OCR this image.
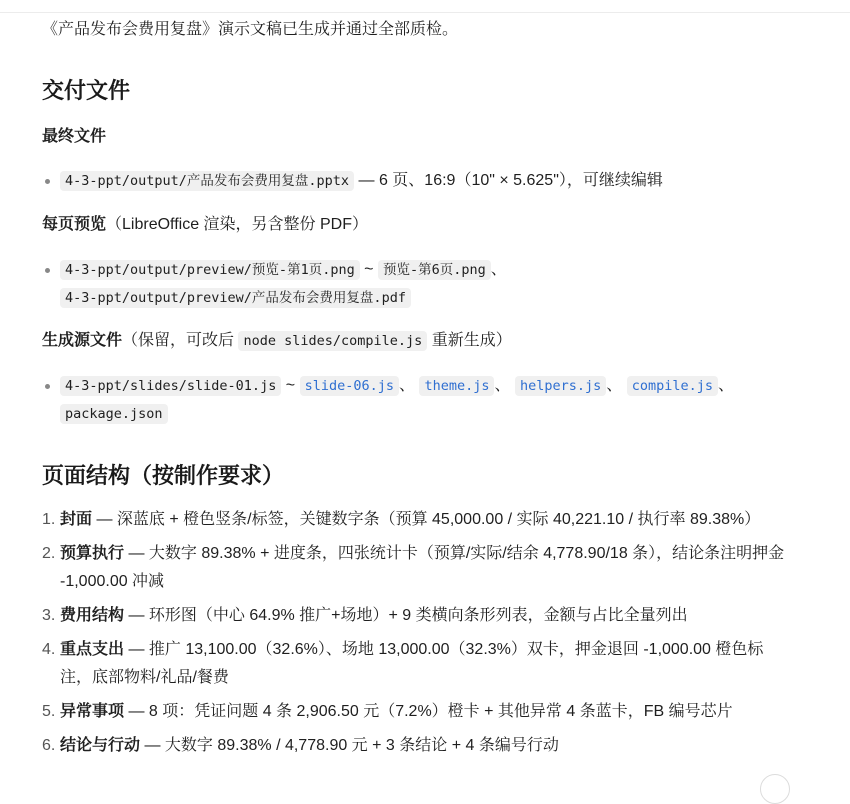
《产品发布会费用复盘》演示文稿已生成并通过全部质检。
交付文件
最终文件
4-3-ppt/output/产品发布会费用复盘.pptx — 6 页、16:9（10" × 5.625"），可继续编辑
每页预览（LibreOffice 渲染，另含整份 PDF）
4-3-ppt/output/preview/预览-第1页.png ~ 预览-第6页.png 、
4-3-ppt/output/preview/产品发布会费用复盘.pdf
生成源文件（保留，可改后 node slides/compile.js 重新生成）
4-3-ppt/slides/slide-01.js ~ slide-06.js 、 theme.js 、 helpers.js 、 compile.js 、
package.json
页面结构（按制作要求）
1. 封面 — 深蓝底 + 橙色竖条/标签，关键数字条（预算 45,000.00 / 实际 40,221.10 / 执行率 89.38%）
2. 预算执行 — 大数字 89.38% + 进度条，四张统计卡（预算/实际/结余 4,778.90/18 条），结论条注明押金 -1,000.00 冲减
3. 费用结构 — 环形图（中心 64.9% 推广+场地）+ 9 类横向条形列表，金额与占比全量列出
4. 重点支出 — 推广 13,100.00（32.6%）、场地 13,000.00（32.3%）双卡，押金退回 -1,000.00 橙色标注，底部物料/礼品/餐费
5. 异常事项 — 8 项：凭证问题 4 条 2,906.50 元（7.2%）橙卡 + 其他异常 4 条蓝卡，FB 编号芯片
6. 结论与行动 — 大数字 89.38% / 4,778.90 元 + 3 条结论 + 4 条编号行动
